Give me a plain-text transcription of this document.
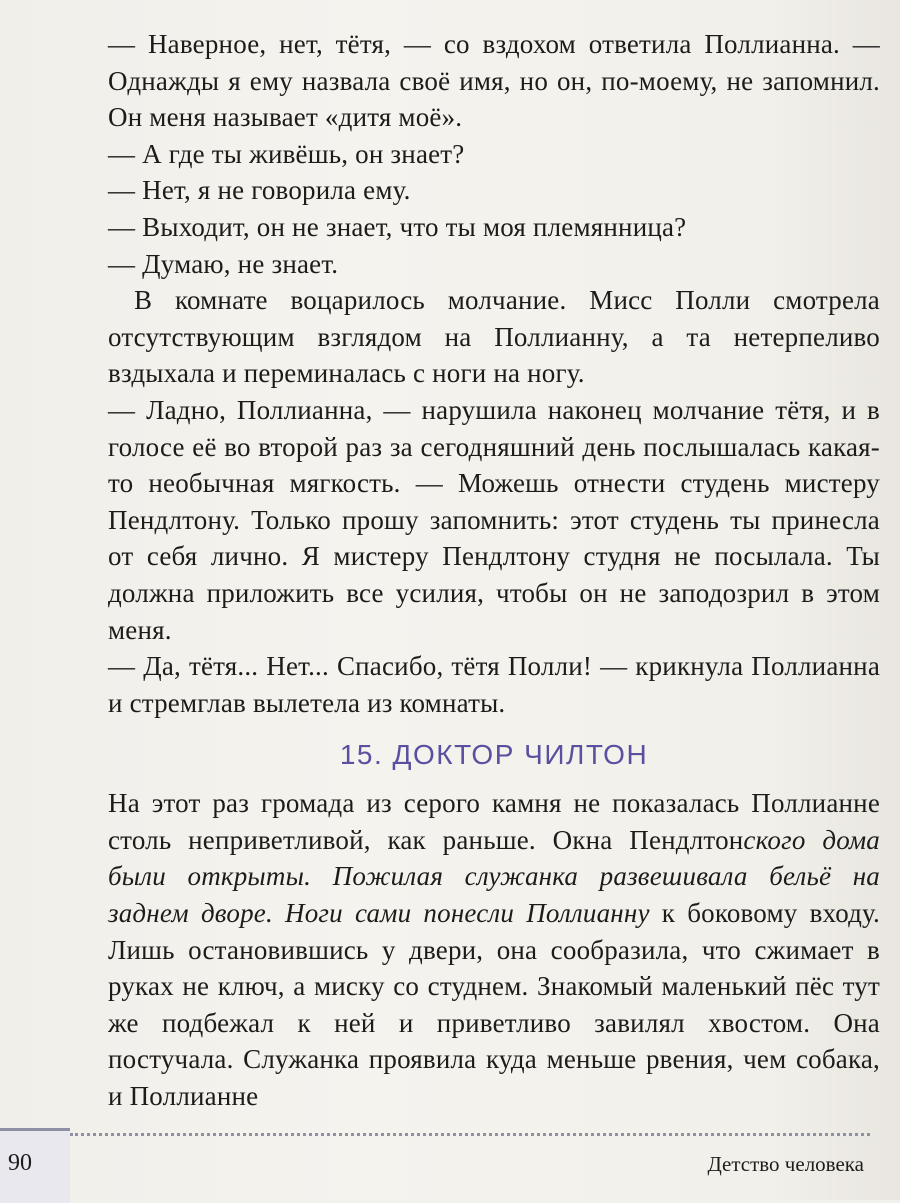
— Наверное, нет, тётя, — со вздохом ответила Поллианна. — Однажды я ему назвала своё имя, но он, по-моему, не запомнил. Он меня называет «дитя моё».

— А где ты живёшь, он знает?

— Нет, я не говорила ему.

— Выходит, он не знает, что ты моя племянница?

— Думаю, не знает.

В комнате воцарилось молчание. Мисс Полли смотрела отсутствующим взглядом на Поллианну, а та нетерпеливо вздыхала и переминалась с ноги на ногу.

— Ладно, Поллианна, — нарушила наконец молчание тётя, и в голосе её во второй раз за сегодняшний день послышалась какая-то необычная мягкость. — Можешь отнести студень мистеру Пендлтону. Только прошу запомнить: этот студень ты принесла от себя лично. Я мистеру Пендлтону студня не посылала. Ты должна приложить все усилия, чтобы он не заподозрил в этом меня.

— Да, тётя... Нет... Спасибо, тётя Полли! — крикнула Поллианна и стремглав вылетела из комнаты.

15. ДОКТОР ЧИЛТОН

На этот раз громада из серого камня не показалась Поллианне столь неприветливой, как раньше. Окна Пендлтонского дома были открыты. Пожилая служанка развешивала бельё на заднем дворе. Ноги сами понесли Поллианну к боковому входу. Лишь остановившись у двери, она сообразила, что сжимает в руках не ключ, а миску со студнем. Знакомый маленький пёс тут же подбежал к ней и приветливо завилял хвостом. Она постучала. Служанка проявила куда меньше рвения, чем собака, и Поллианне

90	Детство человека
